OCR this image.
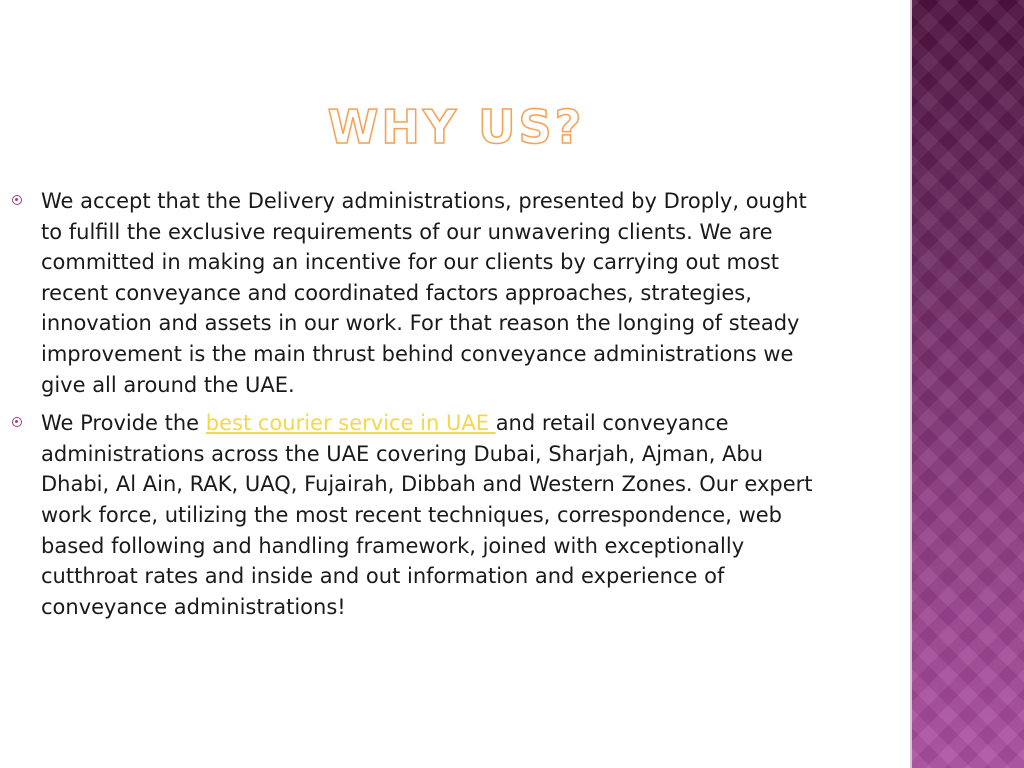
WHY US?
We accept that the Delivery administrations, presented by Droply, ought to fulfill the exclusive requirements of our unwavering clients. We are committed in making an incentive for our clients by carrying out most recent conveyance and coordinated factors approaches, strategies, innovation and assets in our work. For that reason the longing of steady improvement is the main thrust behind conveyance administrations we give all around the UAE.
We Provide the best courier service in UAE and retail conveyance administrations across the UAE covering Dubai, Sharjah, Ajman, Abu Dhabi, Al Ain, RAK, UAQ, Fujairah, Dibbah and Western Zones. Our expert work force, utilizing the most recent techniques, correspondence, web based following and handling framework, joined with exceptionally cutthroat rates and inside and out information and experience of conveyance administrations!
